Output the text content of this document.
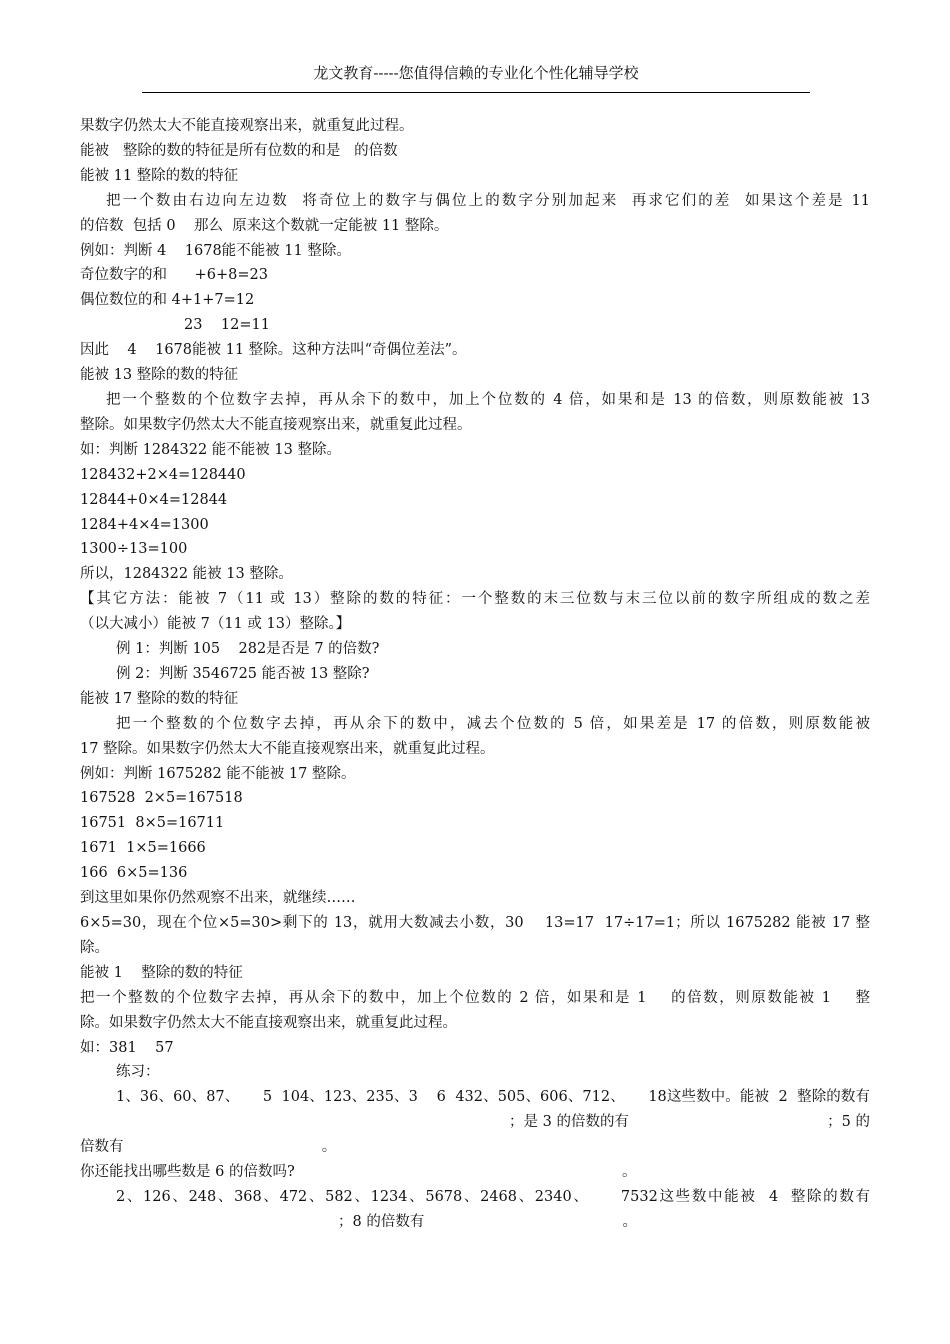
龙文教育-----您值得信赖的专业化个性化辅导学校

果数字仍然太大不能直接观察出来，就重复此过程。

能被   整除的数的特征是所有位数的和是   的倍数

能被 11 整除的数的特征

把一个数由右边向左边数  将奇位上的数字与偶位上的数字分别加起来  再求它们的差  如果这个差是 11

的倍数  包括 0    那么  原来这个数就一定能被 11 整除。

例如：判断 4    1678能不能被 11 整除。

奇位数字的和      +6+8=23

偶位数位的和 4+1+7=12

23    12=11

因此    4    1678能被 11 整除。这种方法叫“奇偶位差法”。

能被 13 整除的数的特征

把一个整数的个位数字去掉，再从余下的数中，加上个位数的 4 倍，如果和是 13 的倍数，则原数能被 13

整除。如果数字仍然太大不能直接观察出来，就重复此过程。

如：判断 1284322 能不能被 13 整除。

128432+2×4=128440

12844+0×4=12844

1284+4×4=1300

1300÷13=100

所以，1284322 能被 13 整除。

【其它方法：能被 7（11 或 13）整除的数的特征：一个整数的末三位数与末三位以前的数字所组成的数之差

（以大减小）能被 7（11 或 13）整除。】

例 1：判断 105    282是否是 7 的倍数?

例 2：判断 3546725 能否被 13 整除?

能被 17 整除的数的特征

把一个整数的个位数字去掉，再从余下的数中，减去个位数的 5 倍，如果差是 17 的倍数，则原数能被

17 整除。如果数字仍然太大不能直接观察出来，就重复此过程。

例如：判断 1675282 能不能被 17 整除。

167528  2×5=167518

16751  8×5=16711

1671  1×5=1666

166  6×5=136

到这里如果你仍然观察不出来，就继续……

6×5=30，现在个位×5=30>剩下的 13，就用大数减去小数，30    13=17  17÷17=1；所以 1675282 能被 17 整

除。

能被 1    整除的数的特征

把一个整数的个位数字去掉，再从余下的数中，加上个位数的 2 倍，如果和是 1    的倍数，则原数能被 1    整

除。如果数字仍然太大不能直接观察出来，就重复此过程。

如：381    57

练习：

1、36、60、87、     5  104、123、235、3    6  432、505、606、712、     18这些数中。能被  2  整除的数有

；是 3 的倍数的有                                           ；5 的

倍数有                                           。

你还能找出哪些数是 6 的倍数吗?                                                                       。

2、126、248、368、472、582、1234、5678、2468、2340、     7532这些数中能被  4  整除的数有

；8 的倍数有                                           。
